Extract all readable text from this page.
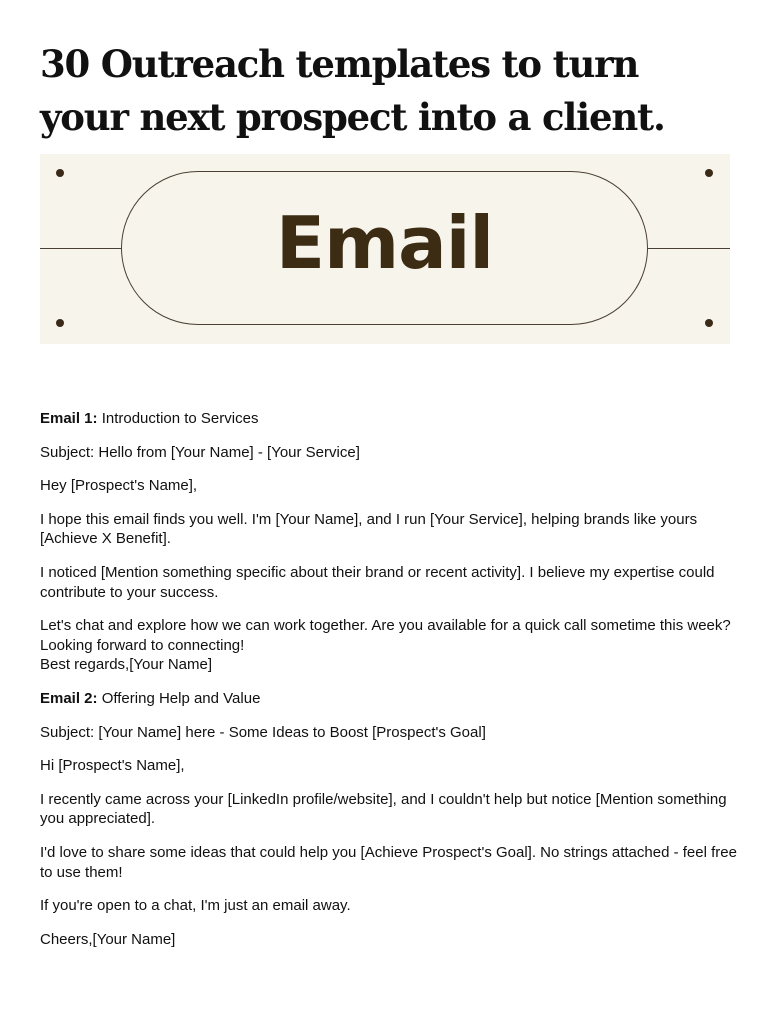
30 Outreach templates to turn your next prospect into a client.
Email

Email 1: Introduction to Services

Subject: Hello from [Your Name] - [Your Service]

Hey [Prospect's Name],

I hope this email finds you well. I'm [Your Name], and I run [Your Service], helping brands like yours [Achieve X Benefit].

I noticed [Mention something specific about their brand or recent activity]. I believe my expertise could contribute to your success.

Let's chat and explore how we can work together. Are you available for a quick call sometime this week?
Looking forward to connecting!
Best regards,[Your Name]

Email 2: Offering Help and Value

Subject: [Your Name] here - Some Ideas to Boost [Prospect's Goal]

Hi [Prospect's Name],

I recently came across your [LinkedIn profile/website], and I couldn't help but notice [Mention something you appreciated].

I'd love to share some ideas that could help you [Achieve Prospect's Goal]. No strings attached - feel free to use them!

If you're open to a chat, I'm just an email away.

Cheers,[Your Name]
